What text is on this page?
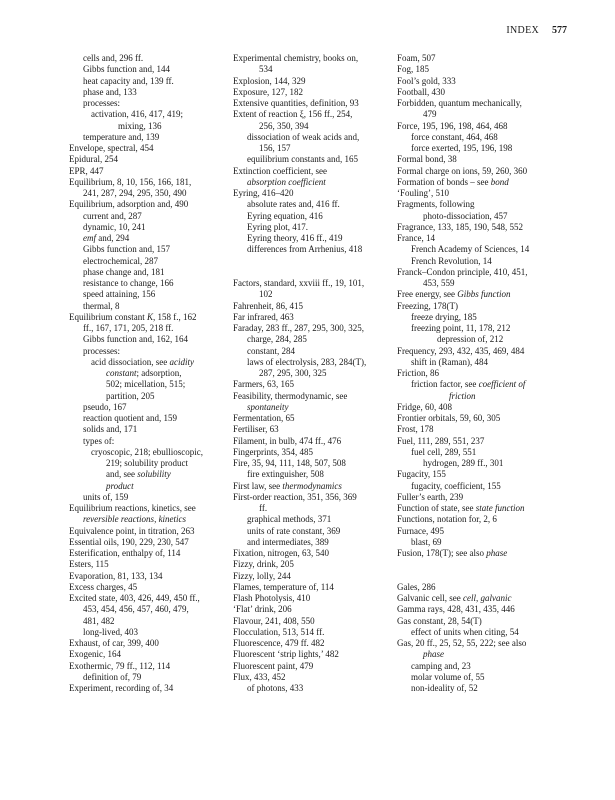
INDEX 577
cells and, 296 ff.
Gibbs function and, 144
heat capacity and, 139 ff.
phase and, 133
processes:
activation, 416, 417, 419;
mixing, 136
temperature and, 139
Envelope, spectral, 454
Epidural, 254
EPR, 447
Equilibrium, 8, 10, 156, 166, 181,
241, 287, 294, 295, 350, 490
Equilibrium, adsorption and, 490
current and, 287
dynamic, 10, 241
emf and, 294
Gibbs function and, 157
electrochemical, 287
phase change and, 181
resistance to change, 166
speed attaining, 156
thermal, 8
Equilibrium constant K, 158 f., 162
ff., 167, 171, 205, 218 ff.
Gibbs function and, 162, 164
processes:
acid dissociation, see acidity
constant; adsorption,
502; micellation, 515;
partition, 205
pseudo, 167
reaction quotient and, 159
solids and, 171
types of:
cryoscopic, 218; ebullioscopic,
219; solubility product
and, see solubility
product
units of, 159
Equilibrium reactions, kinetics, see
reversible reactions, kinetics
Equivalence point, in titration, 263
Essential oils, 190, 229, 230, 547
Esterification, enthalpy of, 114
Esters, 115
Evaporation, 81, 133, 134
Excess charges, 45
Excited state, 403, 426, 449, 450 ff.,
453, 454, 456, 457, 460, 479,
481, 482
long-lived, 403
Exhaust, of car, 399, 400
Exogenic, 164
Exothermic, 79 ff., 112, 114
definition of, 79
Experiment, recording of, 34
Experimental chemistry, books on,
534
Explosion, 144, 329
Exposure, 127, 182
Extensive quantities, definition, 93
Extent of reaction ξ, 156 ff., 254,
256, 350, 394
dissociation of weak acids and,
156, 157
equilibrium constants and, 165
Extinction coefficient, see
absorption coefficient
Eyring, 416–420
absolute rates and, 416 ff.
Eyring equation, 416
Eyring plot, 417.
Eyring theory, 416 ff., 419
differences from Arrhenius, 418
Factors, standard, xxviii ff., 19, 101,
102
Fahrenheit, 86, 415
Far infrared, 463
Faraday, 283 ff., 287, 295, 300, 325,
charge, 284, 285
constant, 284
laws of electrolysis, 283, 284(T),
287, 295, 300, 325
Farmers, 63, 165
Feasibility, thermodynamic, see
spontaneity
Fermentation, 65
Fertiliser, 63
Filament, in bulb, 474 ff., 476
Fingerprints, 354, 485
Fire, 35, 94, 111, 148, 507, 508
fire extinguisher, 508
First law, see thermodynamics
First-order reaction, 351, 356, 369
ff.
graphical methods, 371
units of rate constant, 369
and intermediates, 389
Fixation, nitrogen, 63, 540
Fizzy, drink, 205
Fizzy, lolly, 244
Flames, temperature of, 114
Flash Photolysis, 410
‘Flat’ drink, 206
Flavour, 241, 408, 550
Flocculation, 513, 514 ff.
Fluorescence, 479 ff. 482
Fluorescent ‘strip lights,’ 482
Fluorescent paint, 479
Flux, 433, 452
of photons, 433
Foam, 507
Fog, 185
Fool’s gold, 333
Football, 430
Forbidden, quantum mechanically,
479
Force, 195, 196, 198, 464, 468
force constant, 464, 468
force exerted, 195, 196, 198
Formal bond, 38
Formal charge on ions, 59, 260, 360
Formation of bonds – see bond
‘Fouling’, 510
Fragments, following
photo-dissociation, 457
Fragrance, 133, 185, 190, 548, 552
France, 14
French Academy of Sciences, 14
French Revolution, 14
Franck–Condon principle, 410, 451,
453, 559
Free energy, see Gibbs function
Freezing, 178(T)
freeze drying, 185
freezing point, 11, 178, 212
depression of, 212
Frequency, 293, 432, 435, 469, 484
shift in (Raman), 484
Friction, 86
friction factor, see coefficient of
friction
Fridge, 60, 408
Frontier orbitals, 59, 60, 305
Frost, 178
Fuel, 111, 289, 551, 237
fuel cell, 289, 551
hydrogen, 289 ff., 301
Fugacity, 155
fugacity, coefficient, 155
Fuller’s earth, 239
Function of state, see state function
Functions, notation for, 2, 6
Furnace, 495
blast, 69
Fusion, 178(T); see also phase
Gales, 286
Galvanic cell, see cell, galvanic
Gamma rays, 428, 431, 435, 446
Gas constant, 28, 54(T)
effect of units when citing, 54
Gas, 20 ff., 25, 52, 55, 222; see also
phase
camping and, 23
molar volume of, 55
non-ideality of, 52
